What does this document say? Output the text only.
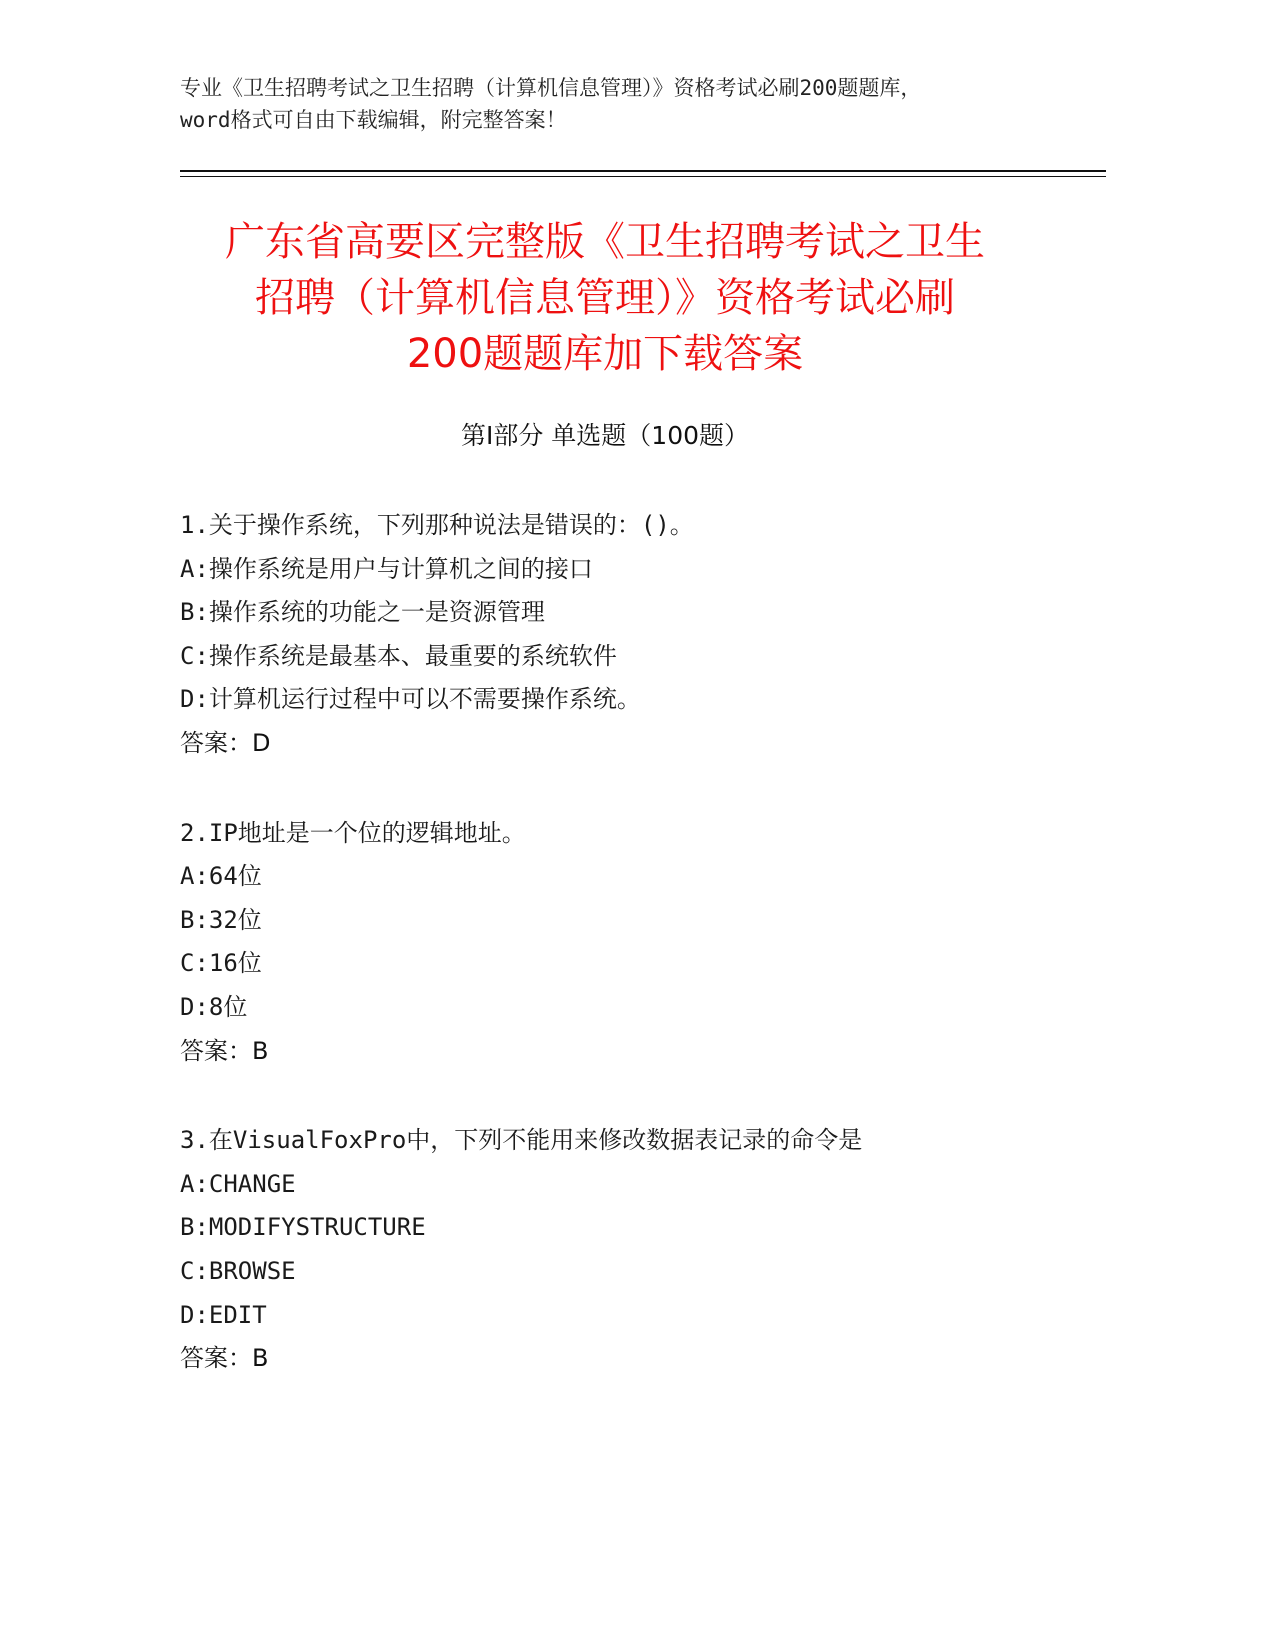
专业《卫生招聘考试之卫生招聘（计算机信息管理）》资格考试必刷200题题库，

word格式可自由下载编辑，附完整答案！

广东省高要区完整版《卫生招聘考试之卫生
招聘（计算机信息管理）》资格考试必刷
200题题库加下载答案
第Ⅰ部分 单选题（100题）
1.关于操作系统，下列那种说法是错误的：()。
A:操作系统是用户与计算机之间的接口
B:操作系统的功能之一是资源管理
C:操作系统是最基本、最重要的系统软件
D:计算机运行过程中可以不需要操作系统。
答案：D
2.IP地址是一个位的逻辑地址。
A:64位
B:32位
C:16位
D:8位
答案：B
3.在VisualFoxPro中，下列不能用来修改数据表记录的命令是
A:CHANGE
B:MODIFYSTRUCTURE
C:BROWSE
D:EDIT
答案：B
